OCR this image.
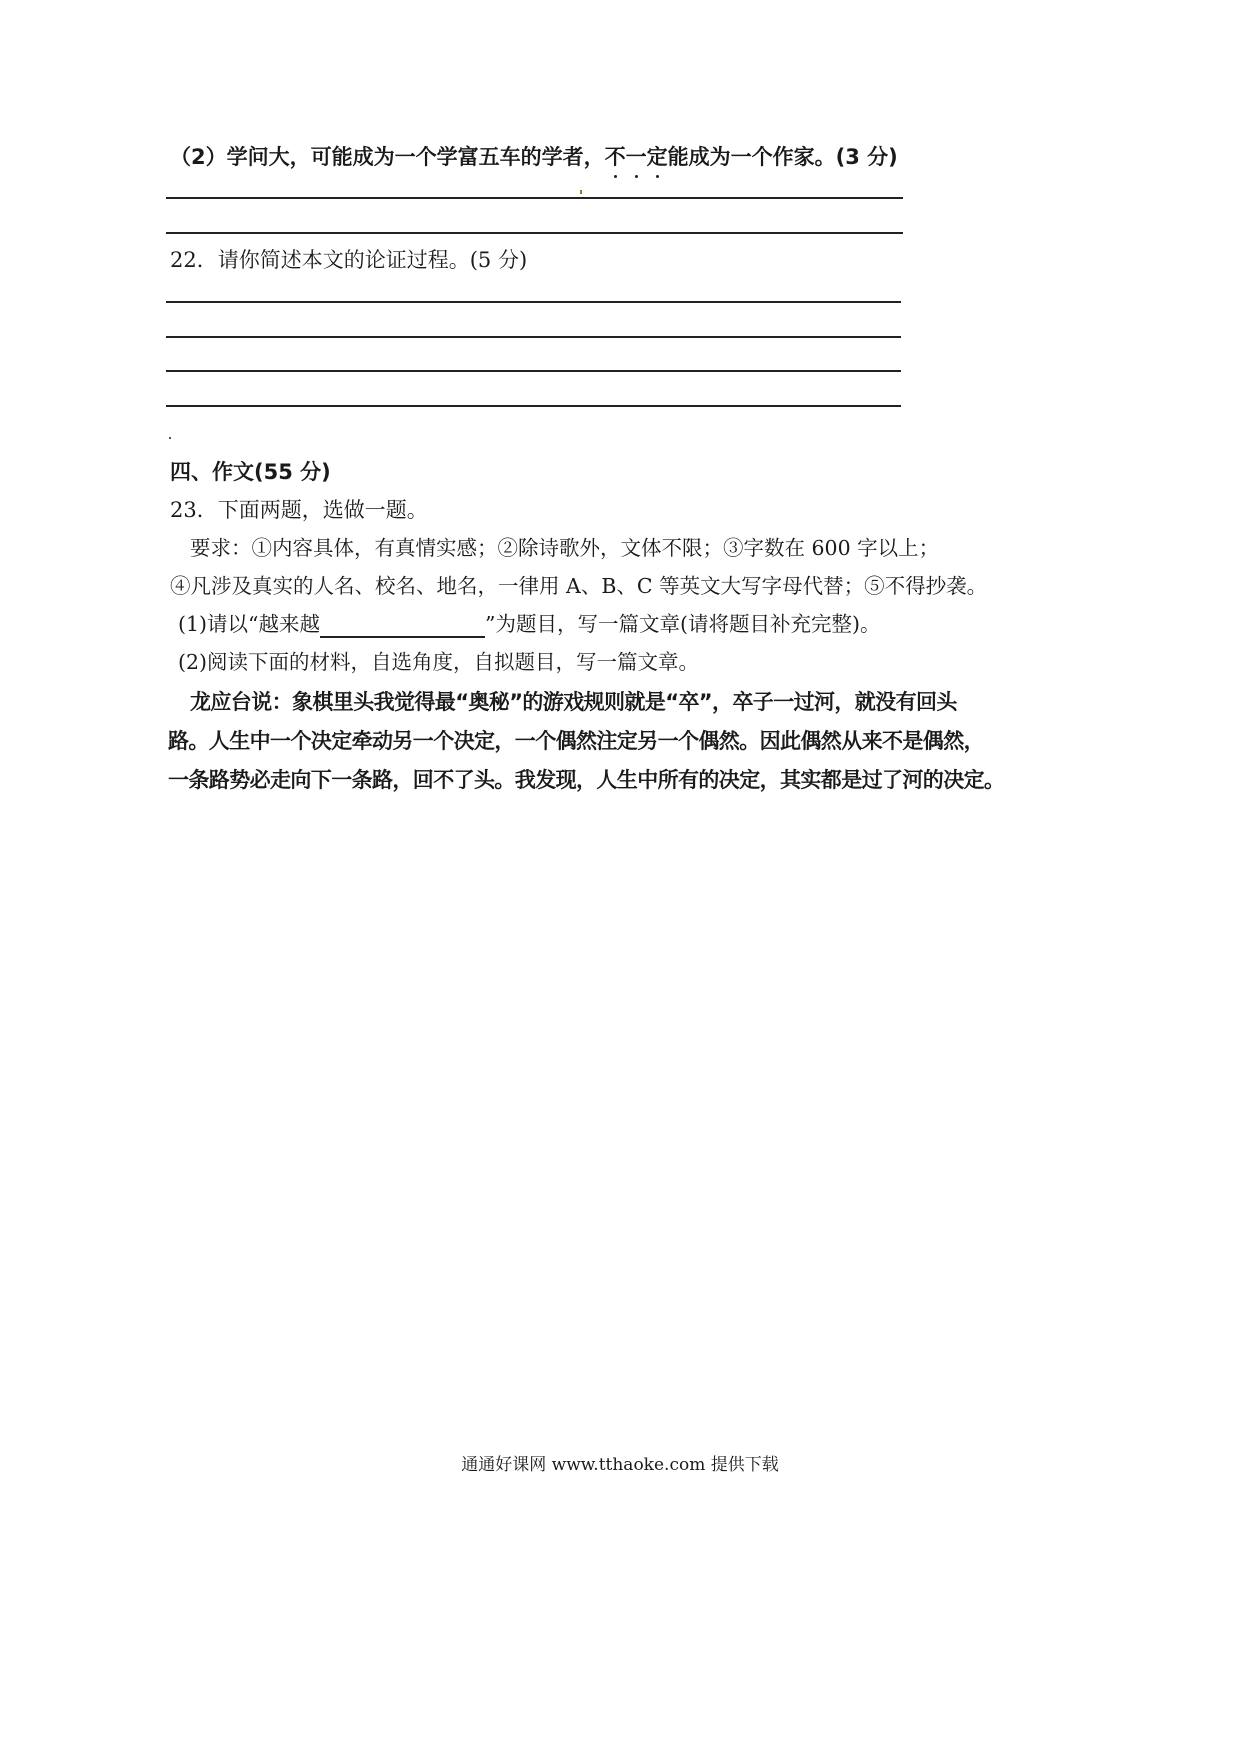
（2）学问大，可能成为一个学富五车的学者，不一定能成为一个作家。(3 分)
22．请你简述本文的论证过程。(5 分)
四、作文(55 分)
23．下面两题，选做一题。
要求：①内容具体，有真情实感；②除诗歌外，文体不限；③字数在 600 字以上；
④凡涉及真实的人名、校名、地名，一律用 A、B、C 等英文大写字母代替；⑤不得抄袭。
(1)请以“越来越	”为题目，写一篇文章(请将题目补充完整)。
(2)阅读下面的材料，自选角度，自拟题目，写一篇文章。
龙应台说：象棋里头我觉得最“奥秘”的游戏规则就是“卒”，卒子一过河，就没有回头
路。人生中一个决定牵动另一个决定，一个偶然注定另一个偶然。因此偶然从来不是偶然，
一条路势必走向下一条路，回不了头。我发现，人生中所有的决定，其实都是过了河的决定。
通通好课网 www.tthaoke.com 提供下载
